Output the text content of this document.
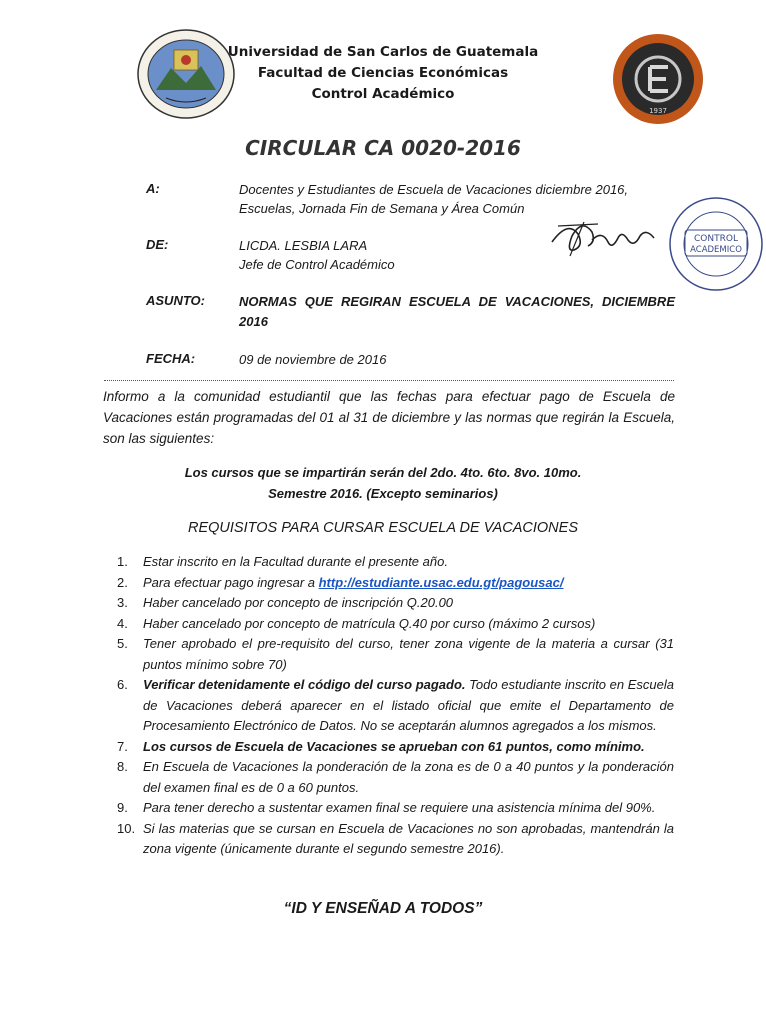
1937
Universidad de San Carlos de Guatemala
Facultad de Ciencias Económicas
Control Académico
CIRCULAR CA 0020-2016
A:	Docentes y Estudiantes de Escuela de Vacaciones diciembre 2016,
Escuelas, Jornada Fin de Semana y Área Común
DE:	LICDA. LESBIA LARA
Jefe de Control Académico
ASUNTO:	NORMAS QUE REGIRAN ESCUELA DE VACACIONES, DICIEMBRE 2016
FECHA:	09 de noviembre de 2016
CONTROL
ACADEMICO
Informo a la comunidad estudiantil que las fechas para efectuar pago de Escuela de Vacaciones están programadas del 01 al 31 de diciembre y las normas que regirán la Escuela, son las siguientes:
Los cursos que se impartirán serán del 2do. 4to. 6to. 8vo. 10mo.
Semestre 2016. (Excepto seminarios)
REQUISITOS PARA CURSAR ESCUELA DE VACACIONES
1. Estar inscrito en la Facultad durante el presente año.
2. Para efectuar pago ingresar a http://estudiante.usac.edu.gt/pagousac/
3. Haber cancelado por concepto de inscripción Q.20.00
4. Haber cancelado por concepto de matrícula Q.40 por curso (máximo 2 cursos)
5. Tener aprobado el pre-requisito del curso, tener zona vigente de la materia a cursar (31 puntos mínimo sobre 70)
6. Verificar detenidamente el código del curso pagado. Todo estudiante inscrito en Escuela de Vacaciones deberá aparecer en el listado oficial que emite el Departamento de Procesamiento Electrónico de Datos. No se aceptarán alumnos agregados a los mismos.
7. Los cursos de Escuela de Vacaciones se aprueban con 61 puntos, como mínimo.
8. En Escuela de Vacaciones la ponderación de la zona es de 0 a 40 puntos y la ponderación del examen final es de 0 a 60 puntos.
9. Para tener derecho a sustentar examen final se requiere una asistencia mínima del 90%.
10. Si las materias que se cursan en Escuela de Vacaciones no son aprobadas, mantendrán la zona vigente (únicamente durante el segundo semestre 2016).
“ID Y ENSEÑAD A TODOS”
